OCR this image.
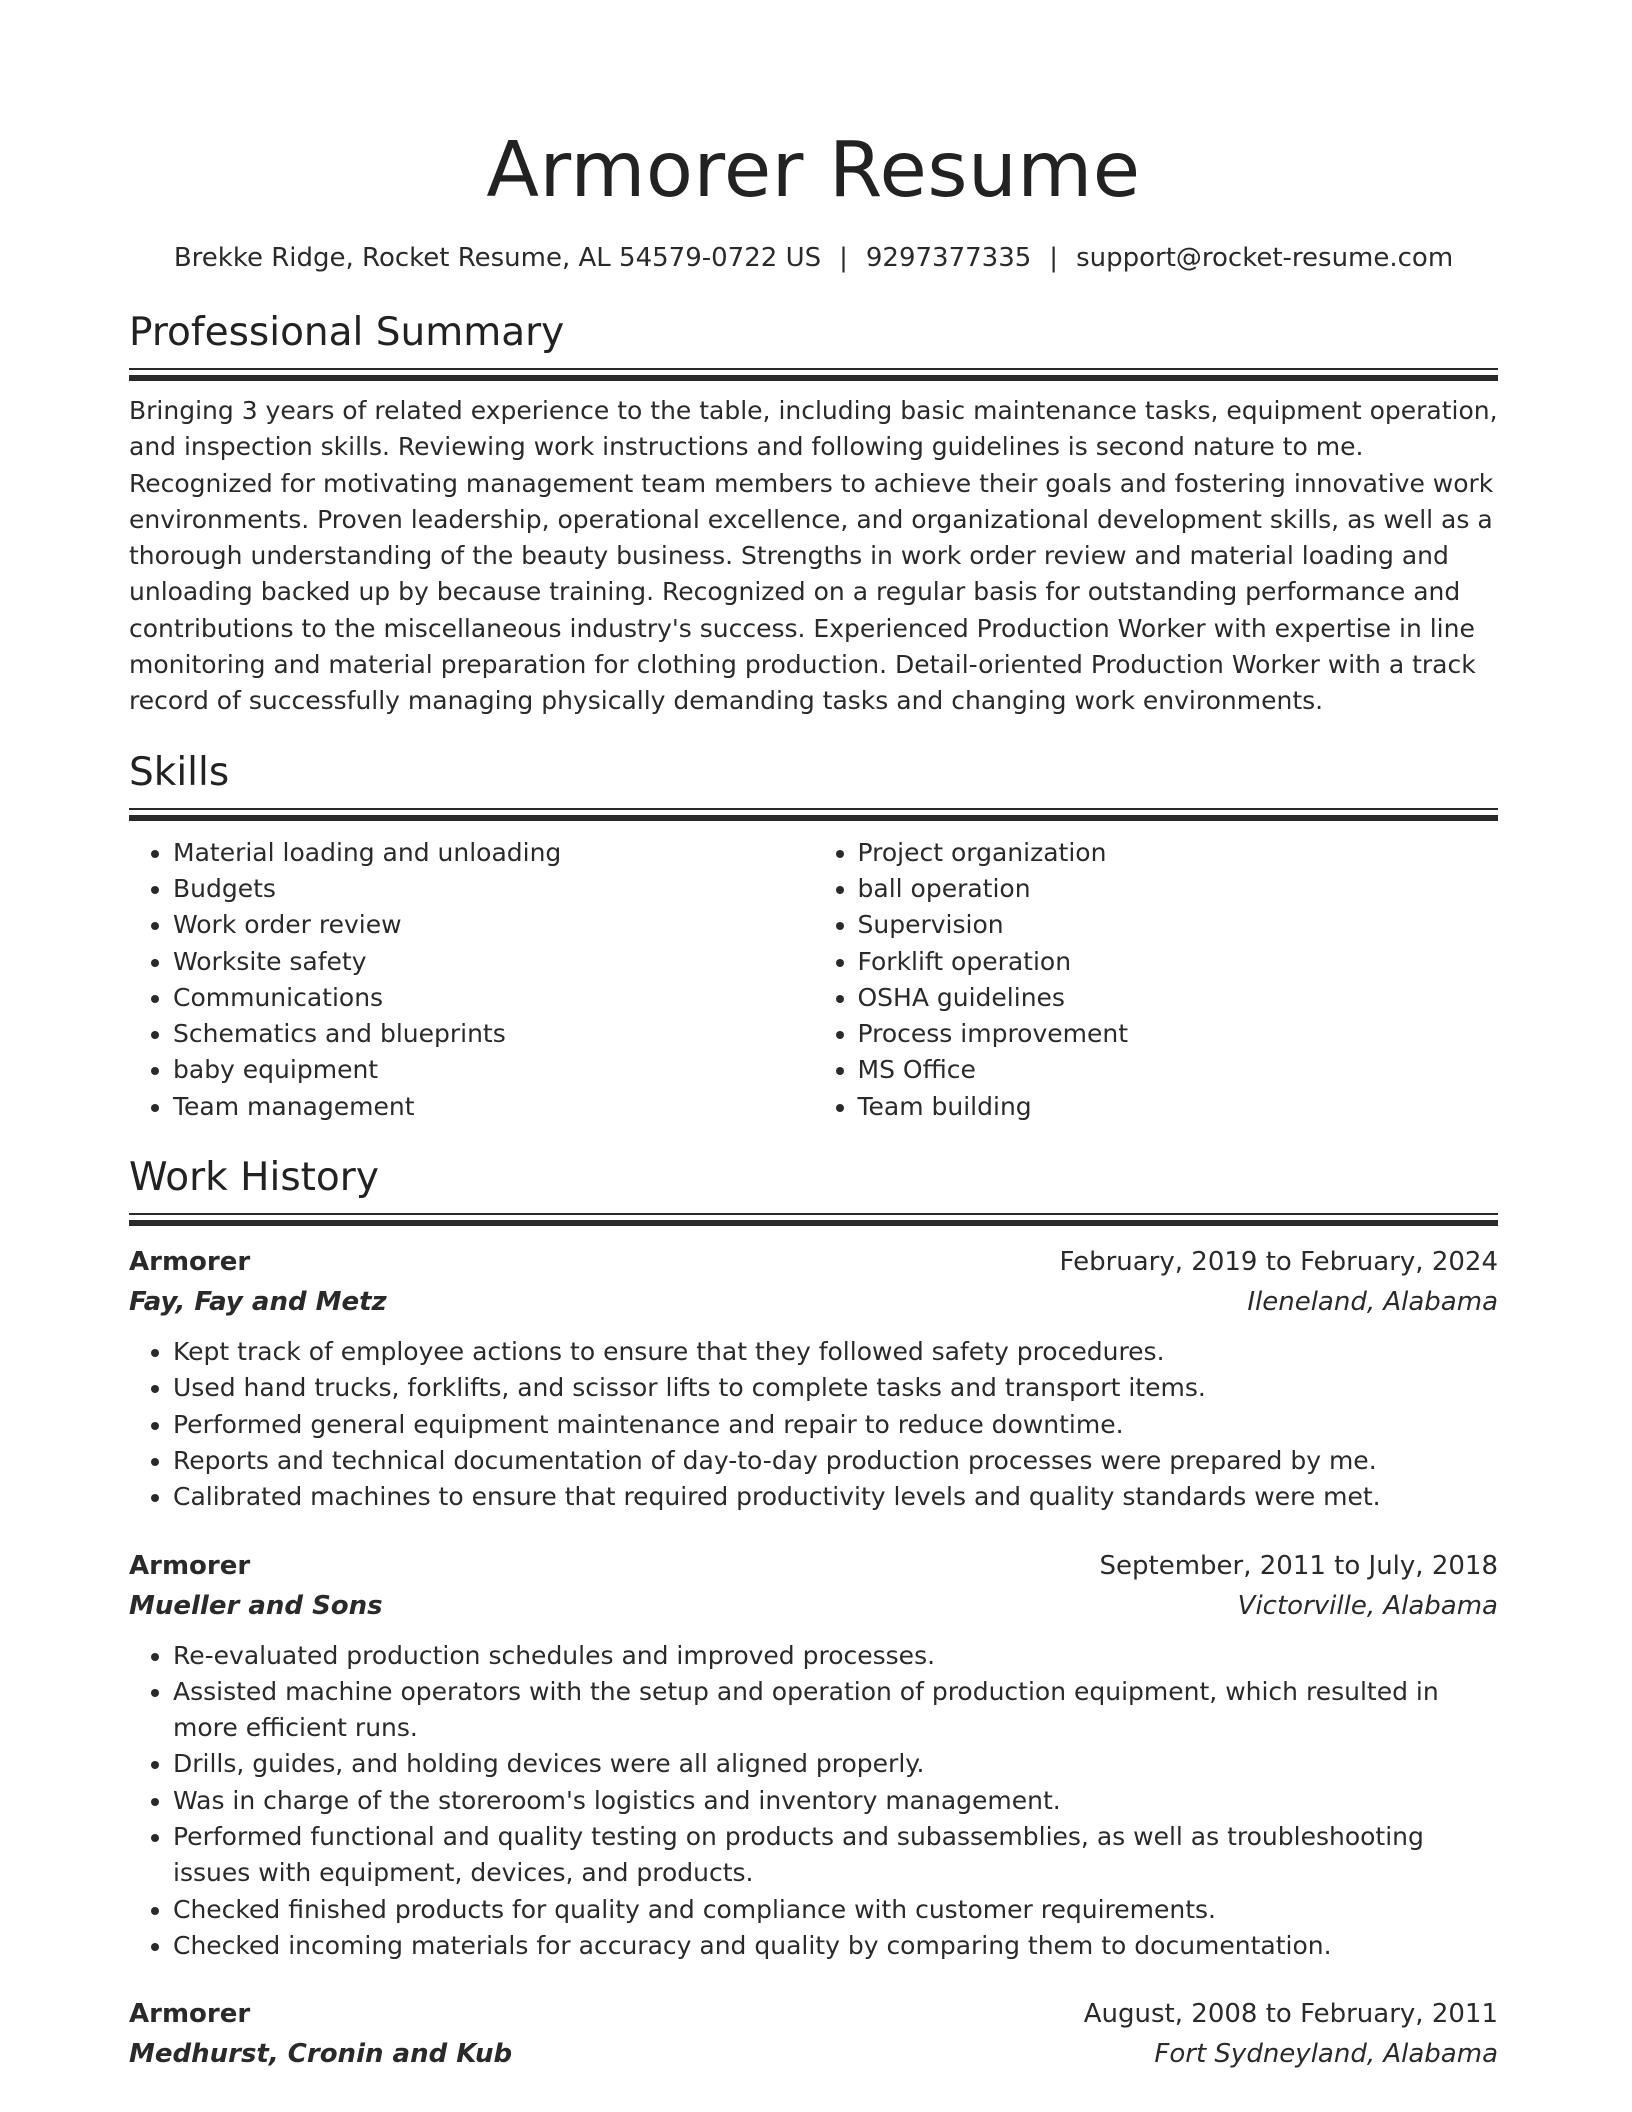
Armorer Resume
Brekke Ridge, Rocket Resume, AL 54579-0722 US | 9297377335 | support@rocket-resume.com
Professional Summary

Bringing 3 years of related experience to the table, including basic maintenance tasks, equipment operation, and inspection skills. Reviewing work instructions and following guidelines is second nature to me. Recognized for motivating management team members to achieve their goals and fostering innovative work environments. Proven leadership, operational excellence, and organizational development skills, as well as a thorough understanding of the beauty business. Strengths in work order review and material loading and unloading backed up by because training. Recognized on a regular basis for outstanding performance and contributions to the miscellaneous industry's success. Experienced Production Worker with expertise in line monitoring and material preparation for clothing production. Detail-oriented Production Worker with a track record of successfully managing physically demanding tasks and changing work environments.

Skills
• Material loading and unloading
• Budgets
• Work order review
• Worksite safety
• Communications
• Schematics and blueprints
• baby equipment
• Team management
• Project organization
• ball operation
• Supervision
• Forklift operation
• OSHA guidelines
• Process improvement
• MS Office
• Team building
Work History
Armorer	February, 2019 to February, 2024
Fay, Fay and Metz	Ileneland, Alabama
• Kept track of employee actions to ensure that they followed safety procedures.
• Used hand trucks, forklifts, and scissor lifts to complete tasks and transport items.
• Performed general equipment maintenance and repair to reduce downtime.
• Reports and technical documentation of day-to-day production processes were prepared by me.
• Calibrated machines to ensure that required productivity levels and quality standards were met.
Armorer	September, 2011 to July, 2018
Mueller and Sons	Victorville, Alabama
• Re-evaluated production schedules and improved processes.
• Assisted machine operators with the setup and operation of production equipment, which resulted in more efficient runs.
• Drills, guides, and holding devices were all aligned properly.
• Was in charge of the storeroom's logistics and inventory management.
• Performed functional and quality testing on products and subassemblies, as well as troubleshooting issues with equipment, devices, and products.
• Checked finished products for quality and compliance with customer requirements.
• Checked incoming materials for accuracy and quality by comparing them to documentation.
Armorer	August, 2008 to February, 2011
Medhurst, Cronin and Kub	Fort Sydneyland, Alabama
